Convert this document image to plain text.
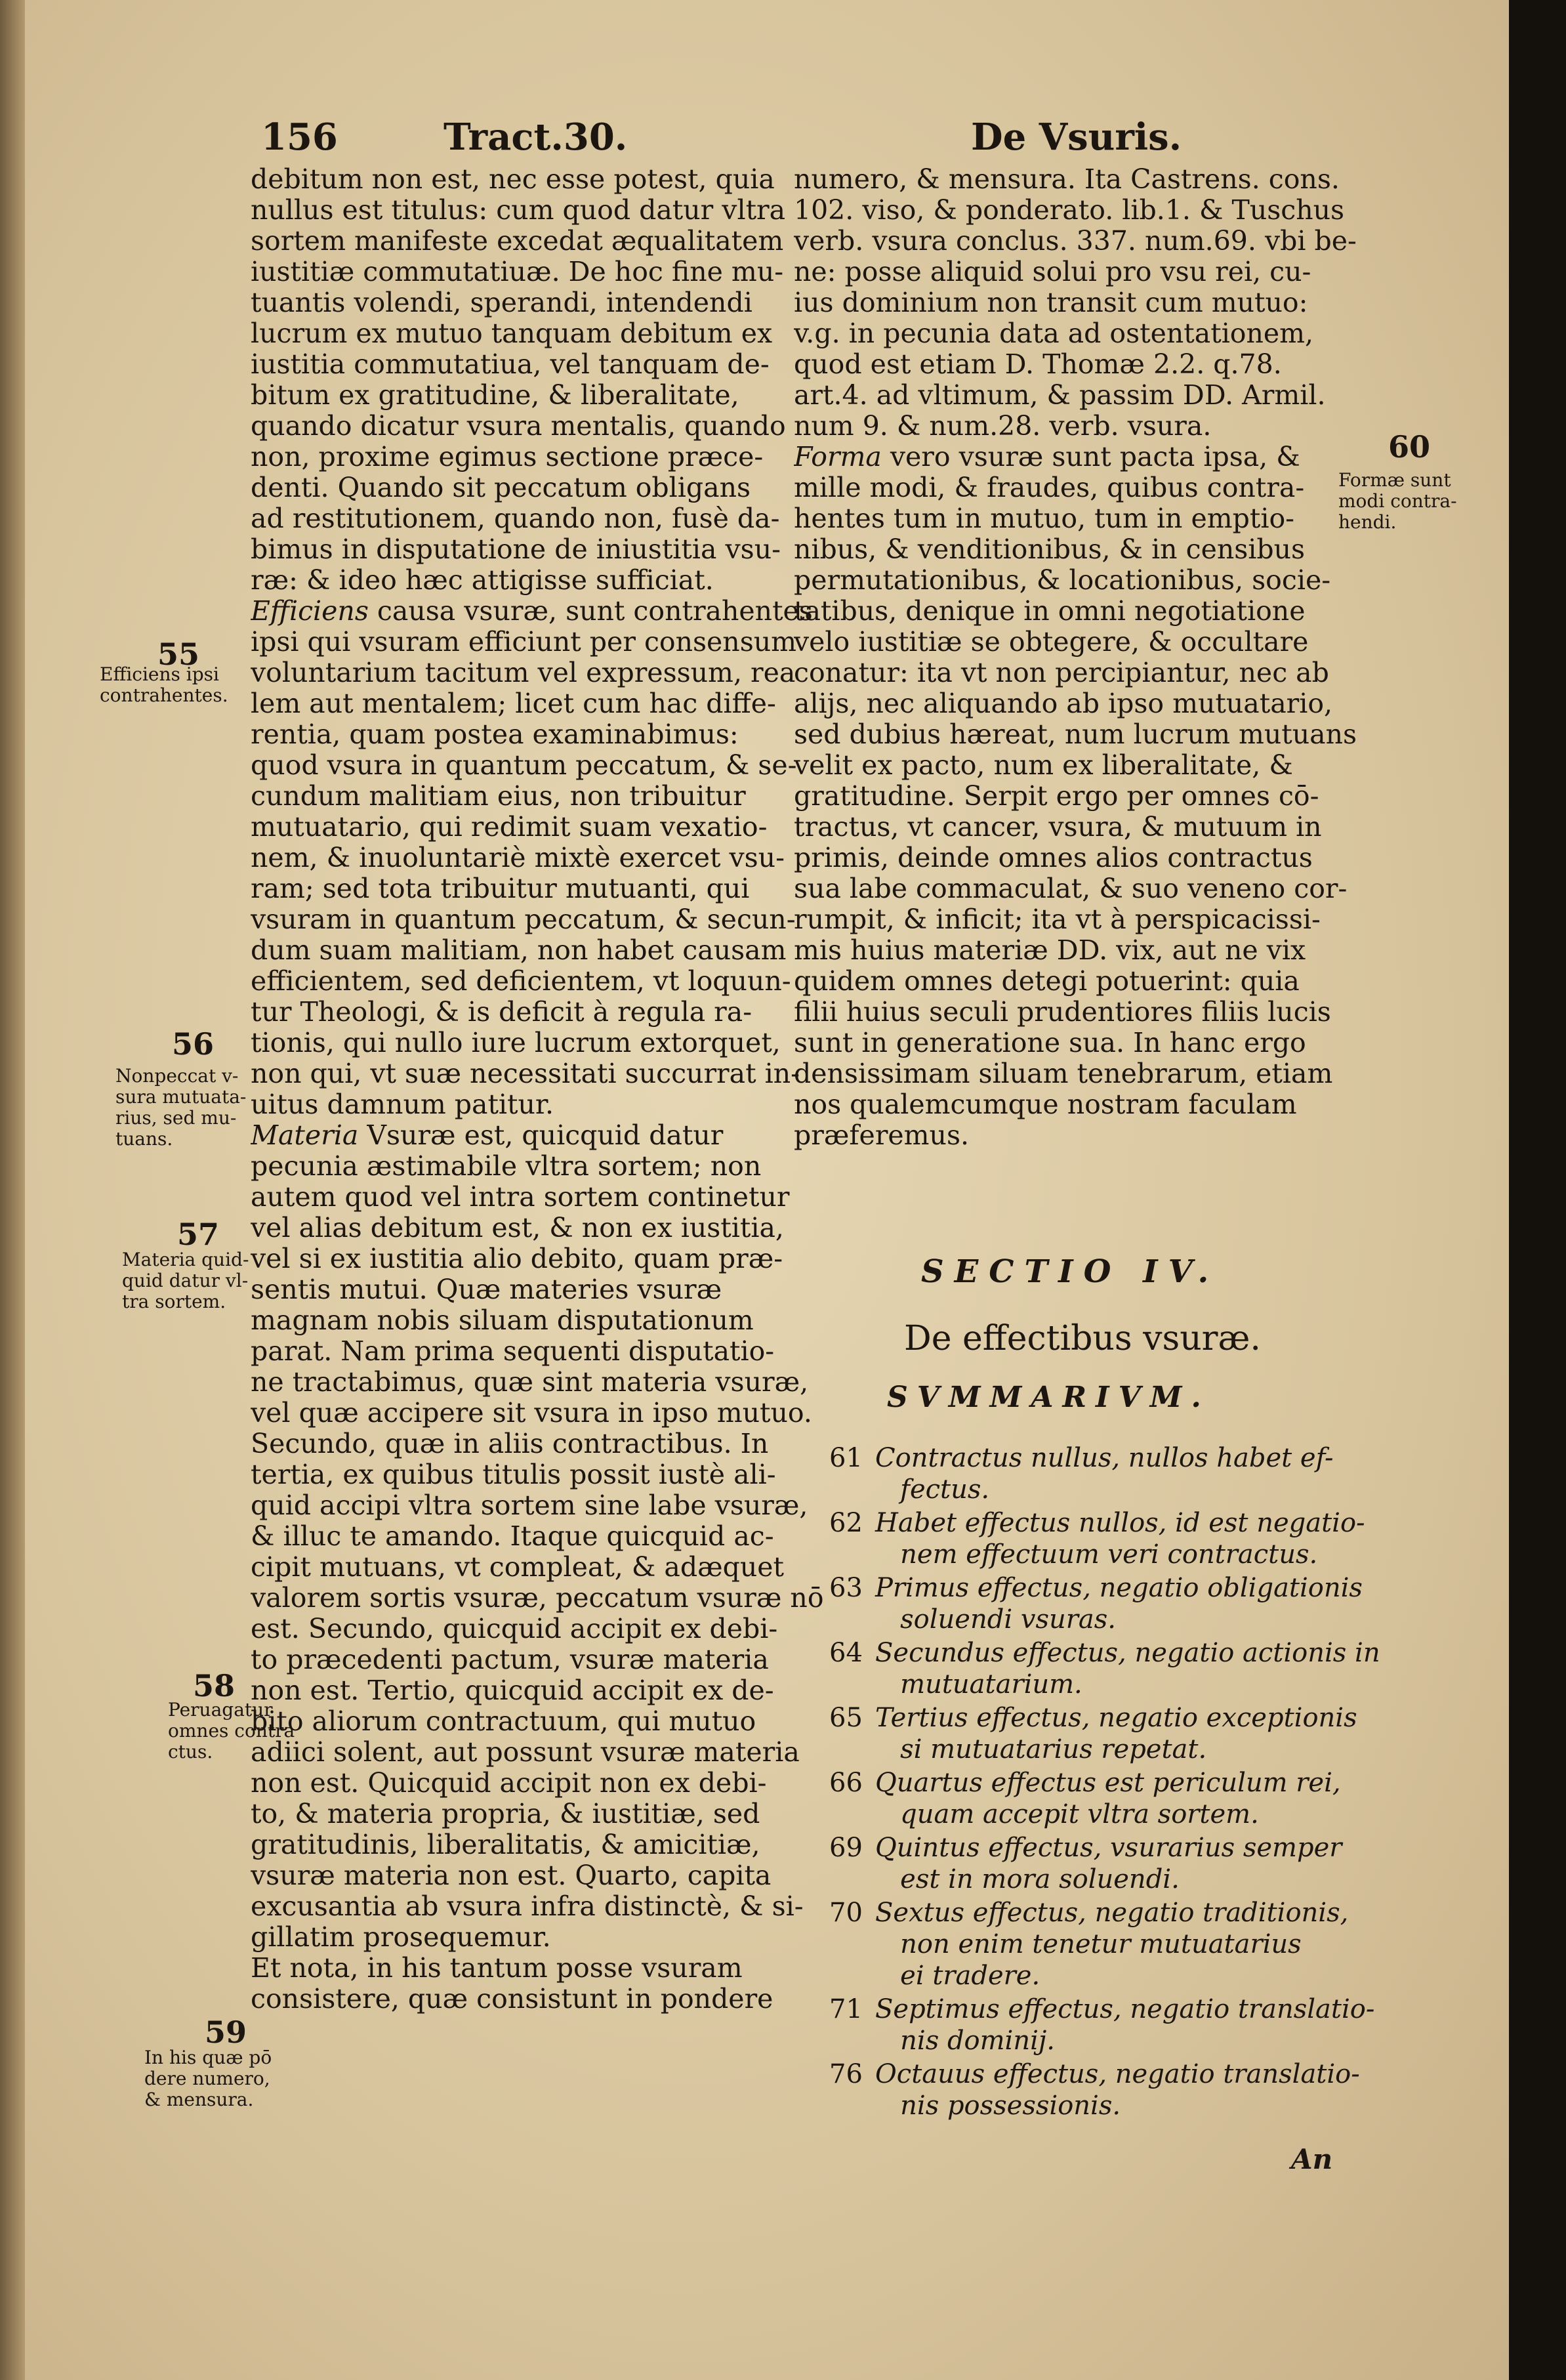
156	Tract.30.	De Vsuris.
debitum non est, nec esse potest, quia
nullus est titulus: cum quod datur vltra
sortem manifeste excedat æqualitatem
iustitiæ commutatiuæ. De hoc fine mu-
tuantis volendi, sperandi, intendendi
lucrum ex mutuo tanquam debitum ex
iustitia commutatiua, vel tanquam de-
bitum ex gratitudine, & liberalitate,
quando dicatur vsura mentalis, quando
non, proxime egimus sectione præce-
denti. Quando sit peccatum obligans
ad restitutionem, quando non, fusè da-
bimus in disputatione de iniustitia vsu-
ræ: & ideo hæc attigisse sufficiat.
Efficiens causa vsuræ, sunt contrahentes
ipsi qui vsuram efficiunt per consensum
voluntarium tacitum vel expressum, rea
lem aut mentalem; licet cum hac diffe-
rentia, quam postea examinabimus:
quod vsura in quantum peccatum, & se-
cundum malitiam eius, non tribuitur
mutuatario, qui redimit suam vexatio-
nem, & inuoluntariè mixtè exercet vsu-
ram; sed tota tribuitur mutuanti, qui
vsuram in quantum peccatum, & secun-
dum suam malitiam, non habet causam
efficientem, sed deficientem, vt loquun-
tur Theologi, & is deficit à regula ra-
tionis, qui nullo iure lucrum extorquet,
non qui, vt suæ necessitati succurrat in-
uitus damnum patitur.
Materia Vsuræ est, quicquid datur
pecunia æstimabile vltra sortem; non
autem quod vel intra sortem continetur
vel alias debitum est, & non ex iustitia,
vel si ex iustitia alio debito, quam præ-
sentis mutui. Quæ materies vsuræ
magnam nobis siluam disputationum
parat. Nam prima sequenti disputatio-
ne tractabimus, quæ sint materia vsuræ,
vel quæ accipere sit vsura in ipso mutuo.
Secundo, quæ in aliis contractibus. In
tertia, ex quibus titulis possit iustè ali-
quid accipi vltra sortem sine labe vsuræ,
& illuc te amando. Itaque quicquid ac-
cipit mutuans, vt compleat, & adæquet
valorem sortis vsuræ, peccatum vsuræ nō
est. Secundo, quicquid accipit ex debi-
to præcedenti pactum, vsuræ materia
non est. Tertio, quicquid accipit ex de-
bito aliorum contractuum, qui mutuo
adiici solent, aut possunt vsuræ materia
non est. Quicquid accipit non ex debi-
to, & materia propria, & iustitiæ, sed
gratitudinis, liberalitatis, & amicitiæ,
vsuræ materia non est. Quarto, capita
excusantia ab vsura infra distinctè, & si-
gillatim prosequemur.
Et nota, in his tantum posse vsuram
consistere, quæ consistunt in pondere
numero, & mensura. Ita Castrens. cons.
102. viso, & ponderato. lib.1. & Tuschus
verb. vsura conclus. 337. num.69. vbi be-
ne: posse aliquid solui pro vsu rei, cu-
ius dominium non transit cum mutuo:
v.g. in pecunia data ad ostentationem,
quod est etiam D. Thomæ 2.2. q.78.
art.4. ad vltimum, & passim DD. Armil.
num 9. & num.28. verb. vsura.
Forma vero vsuræ sunt pacta ipsa, &
mille modi, & fraudes, quibus contra-
hentes tum in mutuo, tum in emptio-
nibus, & venditionibus, & in censibus
permutationibus, & locationibus, socie-
tatibus, denique in omni negotiatione
velo iustitiæ se obtegere, & occultare
conatur: ita vt non percipiantur, nec ab
alijs, nec aliquando ab ipso mutuatario,
sed dubius hæreat, num lucrum mutuans
velit ex pacto, num ex liberalitate, &
gratitudine. Serpit ergo per omnes cō-
tractus, vt cancer, vsura, & mutuum in
primis, deinde omnes alios contractus
sua labe commaculat, & suo veneno cor-
rumpit, & inficit; ita vt à perspicacissi-
mis huius materiæ DD. vix, aut ne vix
quidem omnes detegi potuerint: quia
filii huius seculi prudentiores filiis lucis
sunt in generatione sua. In hanc ergo
densissimam siluam tenebrarum, etiam
nos qualemcumque nostram faculam
præferemus.
55
Efficiens ipsi
contrahentes.
56
Nonpeccat v-
sura mutuata-
rius, sed mu-
tuans.
57
Materia quid-
quid datur vl-
tra sortem.
58
Peruagatur
omnes contra
ctus.
59
In his quæ pō
dere numero,
& mensura.
60
Formæ sunt
modi contra-
hendi.
SECTIO IV.
De effectibus vsuræ.
SVMMARIVM.
61 Contractus nullus, nullos habet ef-
fectus.
62 Habet effectus nullos, id est negatio-
nem effectuum veri contractus.
63 Primus effectus, negatio obligationis
soluendi vsuras.
64 Secundus effectus, negatio actionis in
mutuatarium.
65 Tertius effectus, negatio exceptionis
si mutuatarius repetat.
66 Quartus effectus est periculum rei,
quam accepit vltra sortem.
69 Quintus effectus, vsurarius semper
est in mora soluendi.
70 Sextus effectus, negatio traditionis,
non enim tenetur mutuatarius
ei tradere.
71 Septimus effectus, negatio translatio-
nis dominij.
76 Octauus effectus, negatio translatio-
nis possessionis.
An
